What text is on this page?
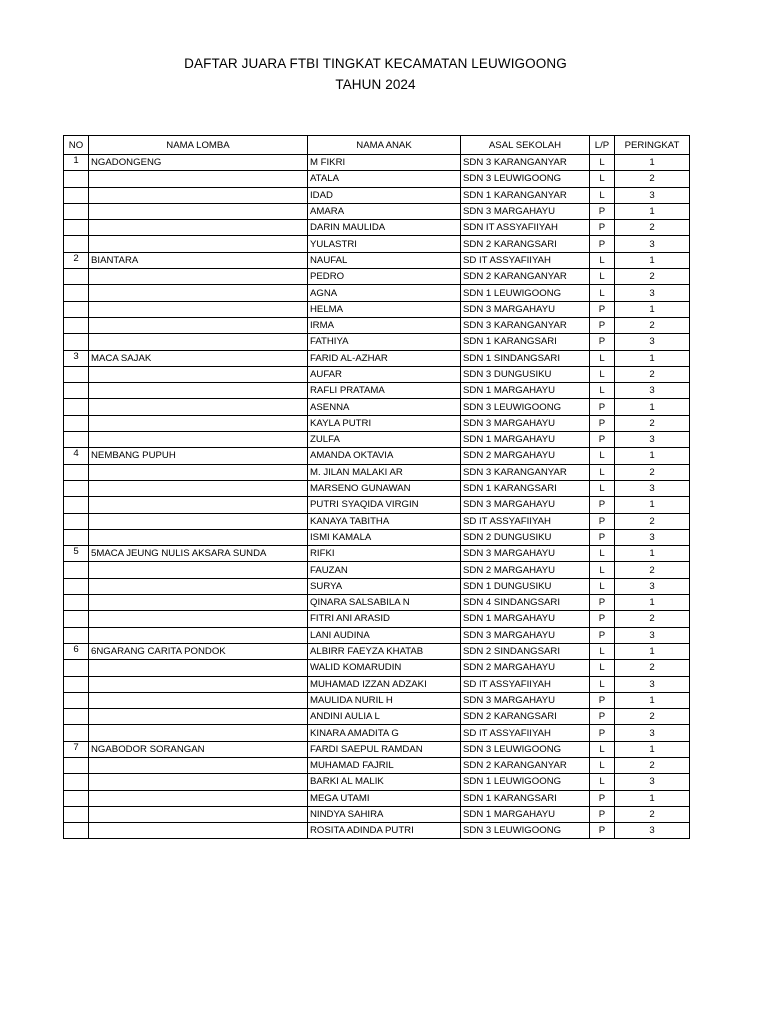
DAFTAR JUARA FTBI TINGKAT KECAMATAN LEUWIGOONG
TAHUN 2024
NO	NAMA LOMBA	NAMA ANAK	ASAL SEKOLAH	L/P	PERINGKAT
1	NGADONGENG	M FIKRI	SDN 3 KARANGANYAR	L	1
		ATALA	SDN 3 LEUWIGOONG	L	2
		IDAD	SDN 1 KARANGANYAR	L	3
		AMARA	SDN 3 MARGAHAYU	P	1
		DARIN MAULIDA	SDN IT ASSYAFIIYAH	P	2
		YULASTRI	SDN 2 KARANGSARI	P	3
2	BIANTARA	NAUFAL	SD IT ASSYAFIIYAH	L	1
		PEDRO	SDN 2 KARANGANYAR	L	2
		AGNA	SDN 1 LEUWIGOONG	L	3
		HELMA	SDN 3 MARGAHAYU	P	1
		IRMA	SDN 3 KARANGANYAR	P	2
		FATHIYA	SDN 1 KARANGSARI	P	3
3	MACA SAJAK	FARID AL-AZHAR	SDN 1 SINDANGSARI	L	1
		AUFAR	SDN 3 DUNGUSIKU	L	2
		RAFLI PRATAMA	SDN 1 MARGAHAYU	L	3
		ASENNA	SDN 3 LEUWIGOONG	P	1
		KAYLA PUTRI	SDN 3 MARGAHAYU	P	2
		ZULFA	SDN 1 MARGAHAYU	P	3
4	NEMBANG PUPUH	AMANDA OKTAVIA	SDN 2 MARGAHAYU	L	1
		M. JILAN MALAKI AR	SDN 3 KARANGANYAR	L	2
		MARSENO GUNAWAN	SDN 1 KARANGSARI	L	3
		PUTRI SYAQIDA VIRGIN	SDN 3 MARGAHAYU	P	1
		KANAYA TABITHA	SD IT ASSYAFIIYAH	P	2
		ISMI KAMALA	SDN 2 DUNGUSIKU	P	3
5	5MACA JEUNG NULIS AKSARA SUNDA	RIFKI	SDN 3 MARGAHAYU	L	1
		FAUZAN	SDN 2 MARGAHAYU	L	2
		SURYA	SDN 1 DUNGUSIKU	L	3
		QINARA SALSABILA N	SDN 4 SINDANGSARI	P	1
		FITRI ANI ARASID	SDN 1 MARGAHAYU	P	2
		LANI AUDINA	SDN 3 MARGAHAYU	P	3
6	6NGARANG CARITA PONDOK	ALBIRR FAEYZA KHATAB	SDN 2 SINDANGSARI	L	1
		WALID KOMARUDIN	SDN 2 MARGAHAYU	L	2
		MUHAMAD IZZAN ADZAKI	SD IT ASSYAFIIYAH	L	3
		MAULIDA NURIL H	SDN 3 MARGAHAYU	P	1
		ANDINI AULIA L	SDN 2 KARANGSARI	P	2
		KINARA AMADITA G	SD IT ASSYAFIIYAH	P	3
7	NGABODOR SORANGAN	FARDI SAEPUL RAMDAN	SDN 3 LEUWIGOONG	L	1
		MUHAMAD FAJRIL	SDN 2 KARANGANYAR	L	2
		BARKI AL MALIK	SDN 1 LEUWIGOONG	L	3
		MEGA UTAMI	SDN 1 KARANGSARI	P	1
		NINDYA SAHIRA	SDN 1 MARGAHAYU	P	2
		ROSITA ADINDA PUTRI	SDN 3 LEUWIGOONG	P	3
